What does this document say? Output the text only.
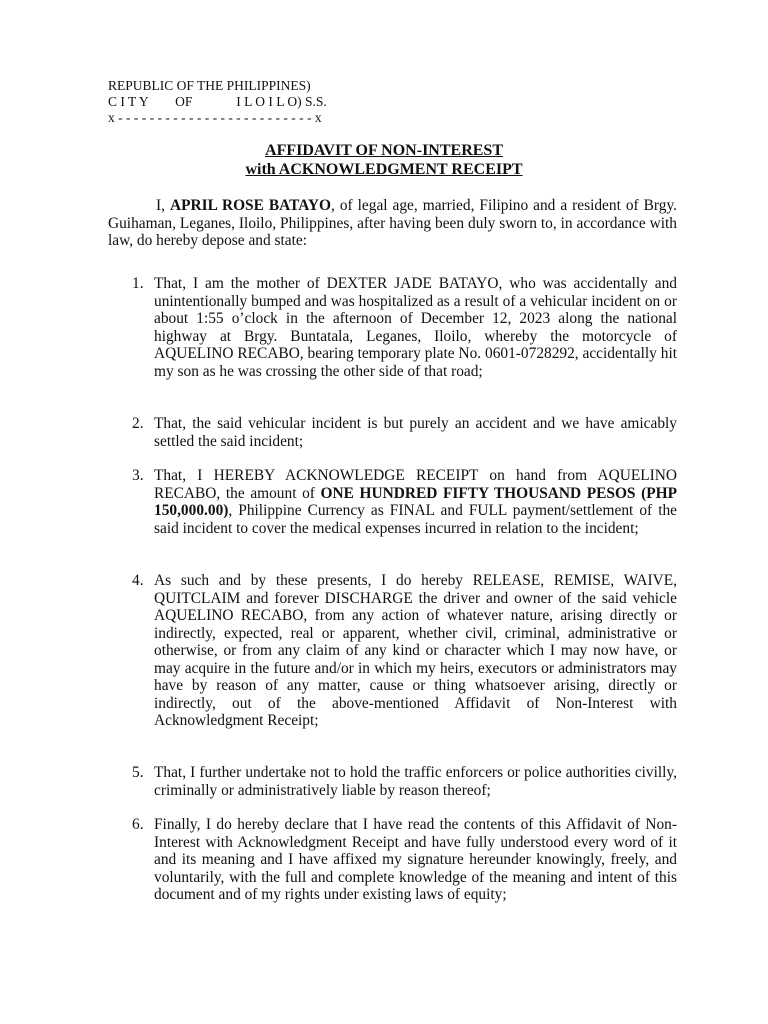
REPUBLIC OF THE PHILIPPINES)
C I T Y        OF             I L O I L O) S.S.
x - - - - - - - - - - - - - - - - - - - - - - - - - x
AFFIDAVIT OF NON-INTEREST
with ACKNOWLEDGMENT RECEIPT

I, APRIL ROSE BATAYO, of legal age, married, Filipino and a resident of Brgy. Guihaman, Leganes, Iloilo, Philippines, after having been duly sworn to, in accordance with law, do hereby depose and state:

1. That, I am the mother of DEXTER JADE BATAYO, who was accidentally and unintentionally bumped and was hospitalized as a result of a vehicular incident on or about 1:55 o’clock in the afternoon of December 12, 2023 along the national highway at Brgy. Buntatala, Leganes, Iloilo, whereby the motorcycle of AQUELINO RECABO, bearing temporary plate No. 0601-0728292, accidentally hit my son as he was crossing the other side of that road;
2. That, the said vehicular incident is but purely an accident and we have amicably settled the said incident;
3. That, I HEREBY ACKNOWLEDGE RECEIPT on hand from AQUELINO RECABO, the amount of ONE HUNDRED FIFTY THOUSAND PESOS (PHP 150,000.00), Philippine Currency as FINAL and FULL payment/settlement of the said incident to cover the medical expenses incurred in relation to the incident;
4. As such and by these presents, I do hereby RELEASE, REMISE, WAIVE, QUITCLAIM and forever DISCHARGE the driver and owner of the said vehicle AQUELINO RECABO, from any action of whatever nature, arising directly or indirectly, expected, real or apparent, whether civil, criminal, administrative or otherwise, or from any claim of any kind or character which I may now have, or may acquire in the future and/or in which my heirs, executors or administrators may have by reason of any matter, cause or thing whatsoever arising, directly or indirectly, out of the above-mentioned Affidavit of Non-Interest with Acknowledgment Receipt;
5. That, I further undertake not to hold the traffic enforcers or police authorities civilly, criminally or administratively liable by reason thereof;
6. Finally, I do hereby declare that I have read the contents of this Affidavit of Non-Interest with Acknowledgment Receipt and have fully understood every word of it and its meaning and I have affixed my signature hereunder knowingly, freely, and voluntarily, with the full and complete knowledge of the meaning and intent of this document and of my rights under existing laws of equity;
